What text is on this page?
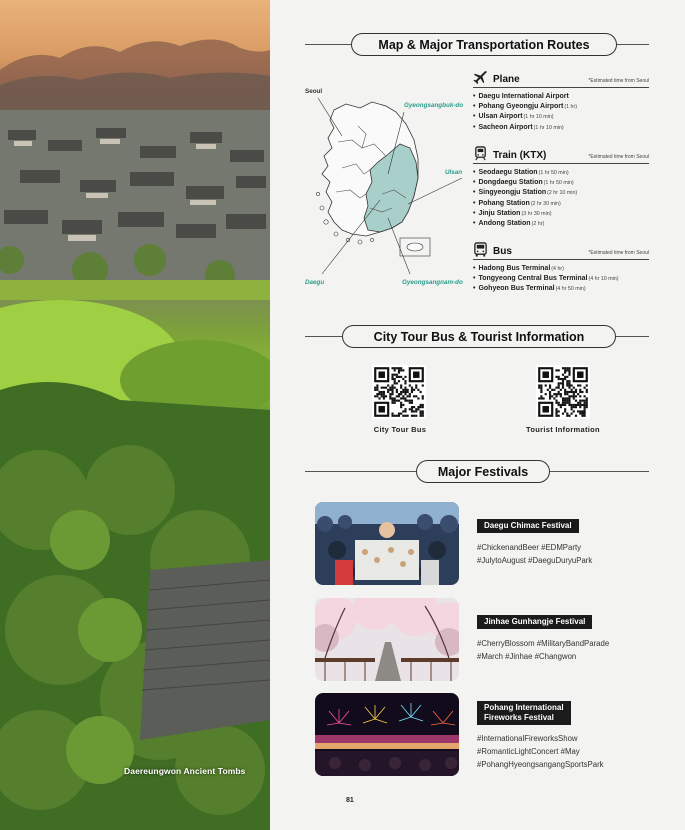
Daereungwon Ancient Tombs
Map & Major Transportation Routes
Seoul
Gyeongsangbuk-do
Ulsan
Daegu	Gyeongsangnam-do
Plane	*Estimated time from Seoul
• Daegu International Airport
• Pohang Gyeongju Airport(1 hr)
• Ulsan Airport(1 hr 10 min)
• Sacheon Airport(1 hr 10 min)
Train (KTX)	*Estimated time from Seoul
• Seodaegu Station(1 hr 50 min)
• Dongdaegu Station(1 hr 50 min)
• Singyeongju Station(2 hr 10 min)
• Pohang Station(2 hr 30 min)
• Jinju Station(3 hr 30 min)
• Andong Station(2 hr)
Bus	*Estimated time from Seoul
• Hadong Bus Terminal(4 hr)
• Tongyeong Central Bus Terminal(4 hr 10 min)
• Gohyeon Bus Terminal(4 hr 50 min)
City Tour Bus & Tourist Information
City Tour Bus	Tourist Information
Major Festivals
Daegu Chimac Festival
#ChickenandBeer #EDMParty
#JulytoAugust #DaeguDuryuPark
Jinhae Gunhangje Festival
#CherryBlossom #MilitaryBandParade
#March #Jinhae #Changwon
Pohang International
Fireworks Festival
#InternationalFireworksShow
#RomanticLightConcert #May
#PohangHyeongsangangSportsPark
81
